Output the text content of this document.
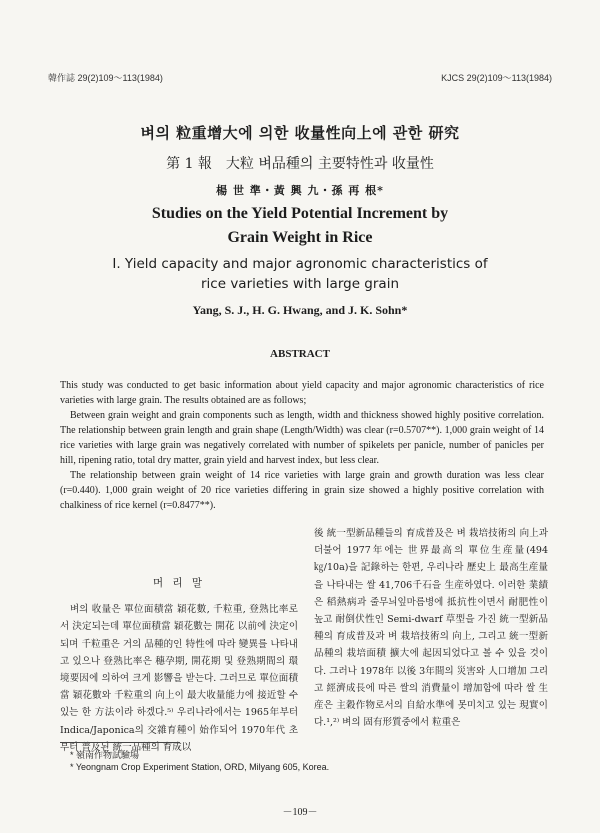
韓作誌 29(2)109～113(1984)	KJCS 29(2)109～113(1984)
벼의 粒重增大에 의한 收量性向上에 관한 研究
第 1 報　大粒 벼品種의 主要特性과 收量性
楊 世 準・黃 興 九・孫 再 根*
Studies on the Yield Potential Increment by
Grain Weight in Rice
I. Yield capacity and major agronomic characteristics of
rice varieties with large grain
Yang, S. J., H. G. Hwang, and J. K. Sohn*
ABSTRACT

This study was conducted to get basic information about yield capacity and major agronomic characteristics of rice varieties with large grain. The results obtained are as follows;

Between grain weight and grain components such as length, width and thickness showed highly positive correlation. The relationship between grain length and grain shape (Length/Width) was clear (r=0.5707**). 1,000 grain weight of 14 rice varieties with large grain was negatively correlated with number of spikelets per panicle, number of panicles per hill, ripening ratio, total dry matter, grain yield and harvest index, but less clear.

The relationship between grain weight of 14 rice varieties with large grain and growth duration was less clear (r=0.440). 1,000 grain weight of 20 rice varieties differing in grain size showed a highly positive correlation with chalkiness of rice kernel (r=0.8477**).

머 리 말

벼의 收量은 單位面積當 穎花數, 千粒重, 登熟比率로서 決定되는데 單位面積當 穎花數는 開花 以前에 決定이되며 千粒重은 거의 品種的인 特性에 따라 變異를 나타내고 있으나 登熟比率은 穗孕期, 開花期 및 登熟期間의 環境要因에 의하여 크게 影響을 받는다. 그러므로 單位面積當 穎花數와 千粒重의 向上이 最大收量能力에 接近할 수 있는 한 方法이라 하겠다.⁵⁾ 우리나라에서는 1965年부터 Indica/Japonica의 交雜育種이 始作되어 1970年代 초부터 普及된 統一品種의 育成以

後 統一型新品種들의 育成普及은 벼 栽培技術의 向上과 더불어 1977年에는 世界最高의 單位生産量(494㎏/10a)을 記錄하는 한편, 우리나라 歷史上 最高生産量을 나타내는 쌀 41,706千石을 生産하였다. 이러한 業績은 稻熱病과 줄무늬잎마름병에 抵抗性이면서 耐肥性이 높고 耐倒伏性인 Semi-dwarf 草型을 가진 統一型新品種의 育成普及과 벼 栽培技術의 向上, 그리고 統一型新品種의 栽培面積 擴大에 起因되었다고 볼 수 있을 것이다. 그러나 1978年 以後 3年間의 災害와 人口增加 그리고 經濟成長에 따른 쌀의 消費量이 增加함에 따라 쌀 生産은 主穀作物로서의 自給水準에 못미치고 있는 現實이다.¹,²⁾ 벼의 固有形質중에서 粒重은

* 嶺南作物試驗場
* Yeongnam Crop Experiment Station, ORD, Milyang 605, Korea.
－109－
